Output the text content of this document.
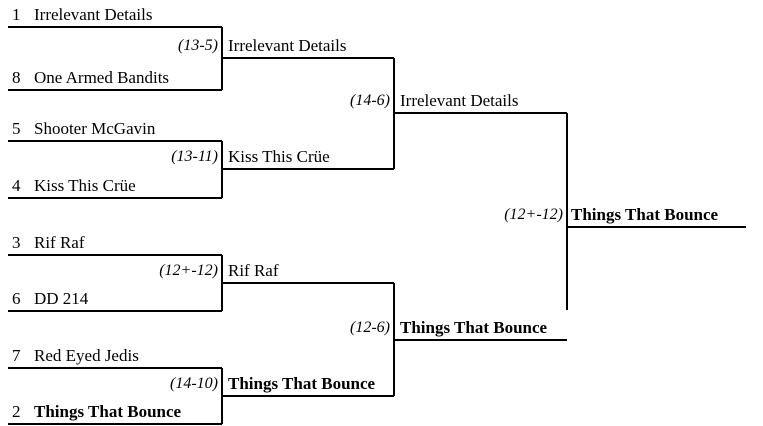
1 Irrelevant Details
8 One Armed Bandits
5 Shooter McGavin
4 Kiss This Crüe
3 Rif Raf
6 DD 214
7 Red Eyed Jedis
2 Things That Bounce
(13-5) Irrelevant Details
(13-11) Kiss This Crüe
(12+-12) Rif Raf
(14-10) Things That Bounce
(14-6) Irrelevant Details
(12-6) Things That Bounce
(12+-12) Things That Bounce
